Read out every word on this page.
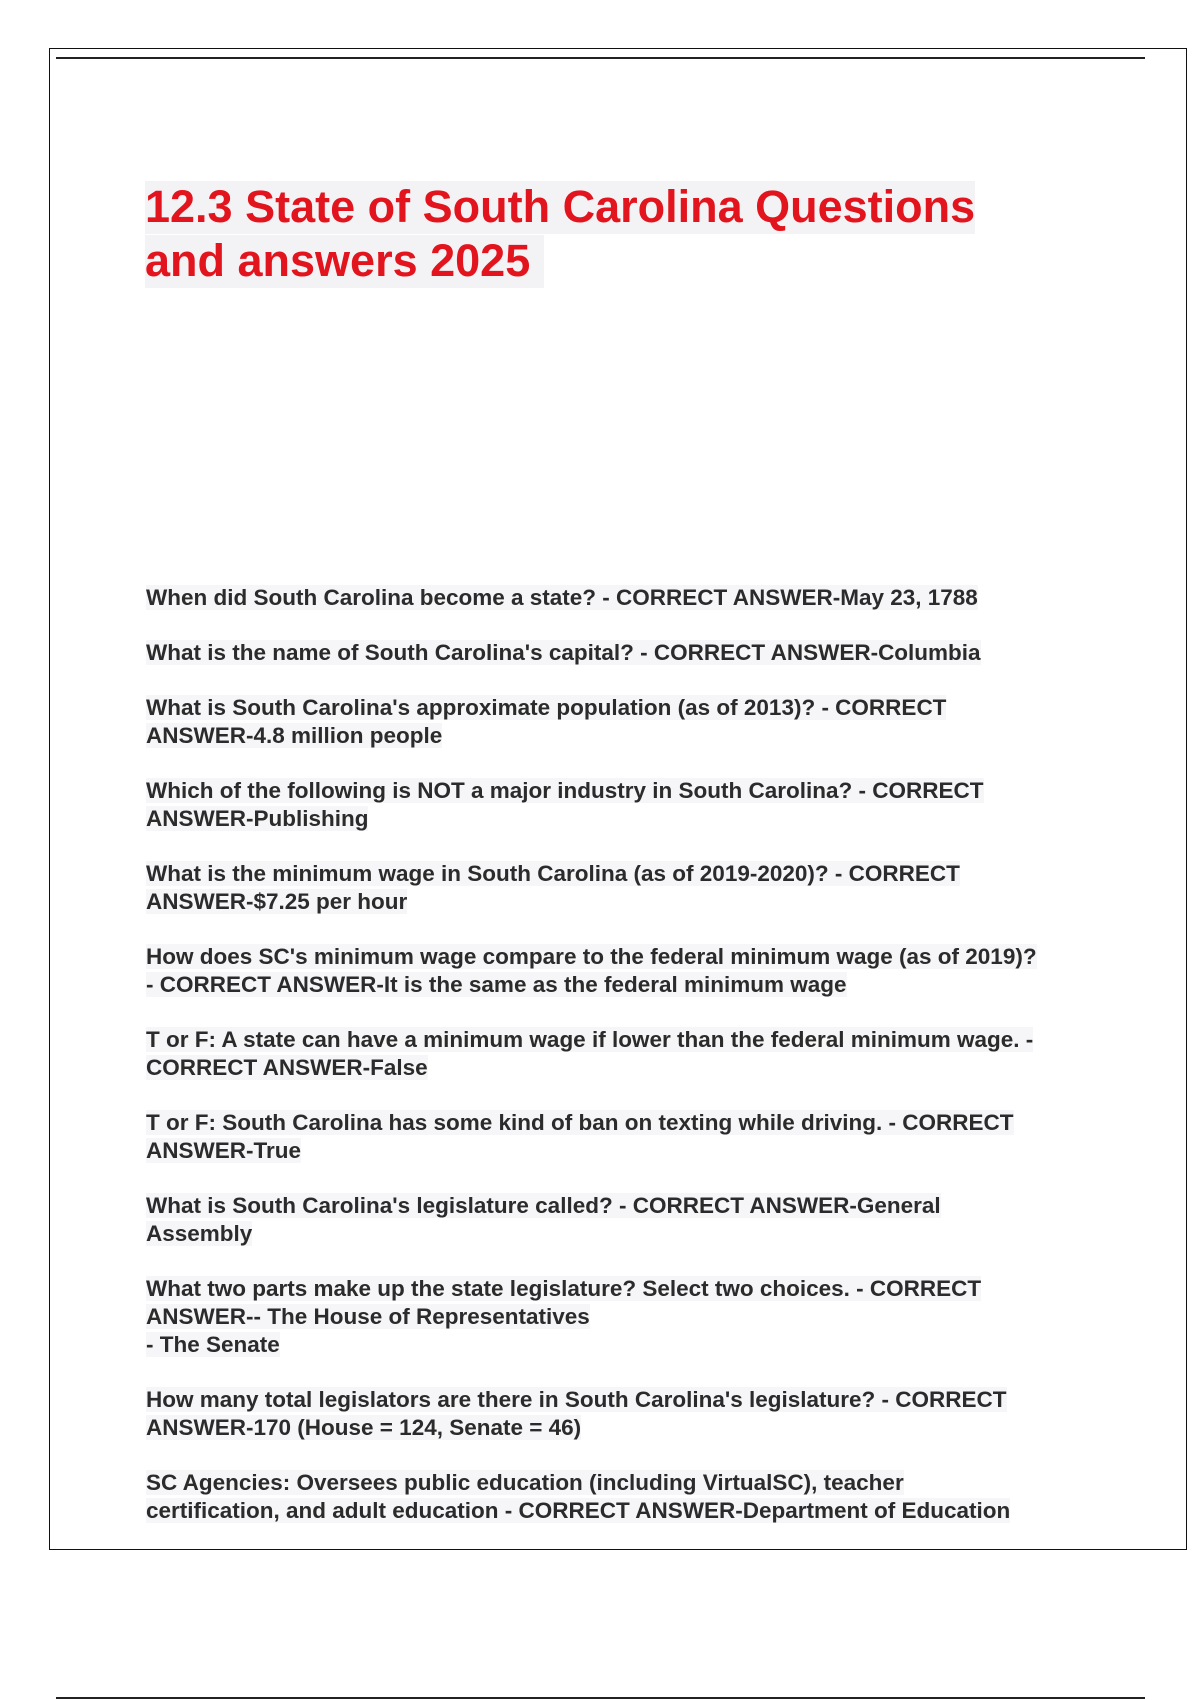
12.3 State of South Carolina Questions
and answers 2025
When did South Carolina become a state? - CORRECT ANSWER-May 23, 1788
What is the name of South Carolina's capital? - CORRECT ANSWER-Columbia
What is South Carolina's approximate population (as of 2013)? - CORRECT
ANSWER-4.8 million people
Which of the following is NOT a major industry in South Carolina? - CORRECT
ANSWER-Publishing
What is the minimum wage in South Carolina (as of 2019-2020)? - CORRECT
ANSWER-$7.25 per hour
How does SC's minimum wage compare to the federal minimum wage (as of 2019)?
- CORRECT ANSWER-It is the same as the federal minimum wage
T or F: A state can have a minimum wage if lower than the federal minimum wage. -
CORRECT ANSWER-False
T or F: South Carolina has some kind of ban on texting while driving. - CORRECT
ANSWER-True
What is South Carolina's legislature called? - CORRECT ANSWER-General
Assembly
What two parts make up the state legislature? Select two choices. - CORRECT
ANSWER-- The House of Representatives
- The Senate
How many total legislators are there in South Carolina's legislature? - CORRECT
ANSWER-170 (House = 124, Senate = 46)
SC Agencies: Oversees public education (including VirtualSC), teacher
certification, and adult education - CORRECT ANSWER-Department of Education
